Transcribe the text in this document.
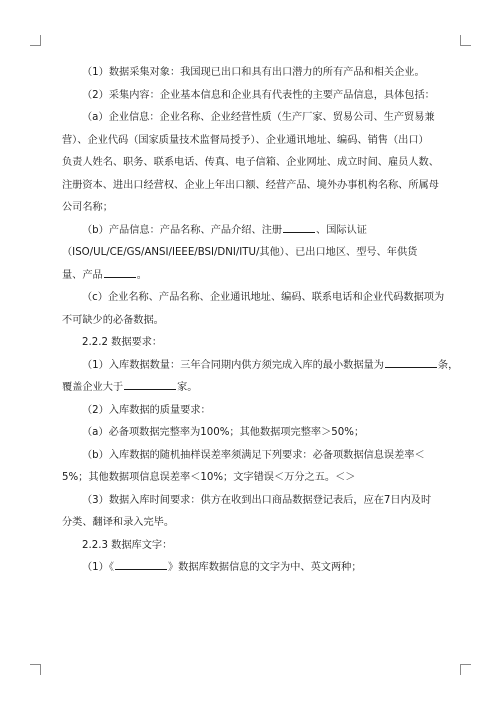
（1）数据采集对象：我国现已出口和具有出口潜力的所有产品和相关企业。
（2）采集内容：企业基本信息和企业具有代表性的主要产品信息，具体包括：
（a）企业信息：企业名称、企业经营性质（生产厂家、贸易公司、生产贸易兼
营）、企业代码（国家质量技术监督局授予）、企业通讯地址、编码、销售（出口）
负责人姓名、职务、联系电话、传真、电子信箱、企业网址、成立时间、雇员人数、
注册资本、进出口经营权、企业上年出口额、经营产品、境外办事机构名称、所属母
公司名称；
（b）产品信息：产品名称、产品介绍、注册	、国际认证
（ISO/UL/CE/GS/ANSI/IEEE/BSI/DNI/ITU/其他）、已出口地区、型号、年供货
量、产品	。
（c）企业名称、产品名称、企业通讯地址、编码、联系电话和企业代码数据项为
不可缺少的必备数据。
2.2.2 数据要求：
（1）入库数据数量：三年合同期内供方须完成入库的最小数据量为	条，
覆盖企业大于	家。
（2）入库数据的质量要求：
（a）必备项数据完整率为100%；其他数据项完整率＞50%；
（b）入库数据的随机抽样误差率须满足下列要求：必备项数据信息误差率＜
5%；其他数据项信息误差率＜10%；文字错误＜万分之五。＜＞
（3）数据入库时间要求：供方在收到出口商品数据登记表后，应在7日内及时
分类、翻译和录入完毕。
2.2.3 数据库文字：
（1）《	》数据库数据信息的文字为中、英文两种；
